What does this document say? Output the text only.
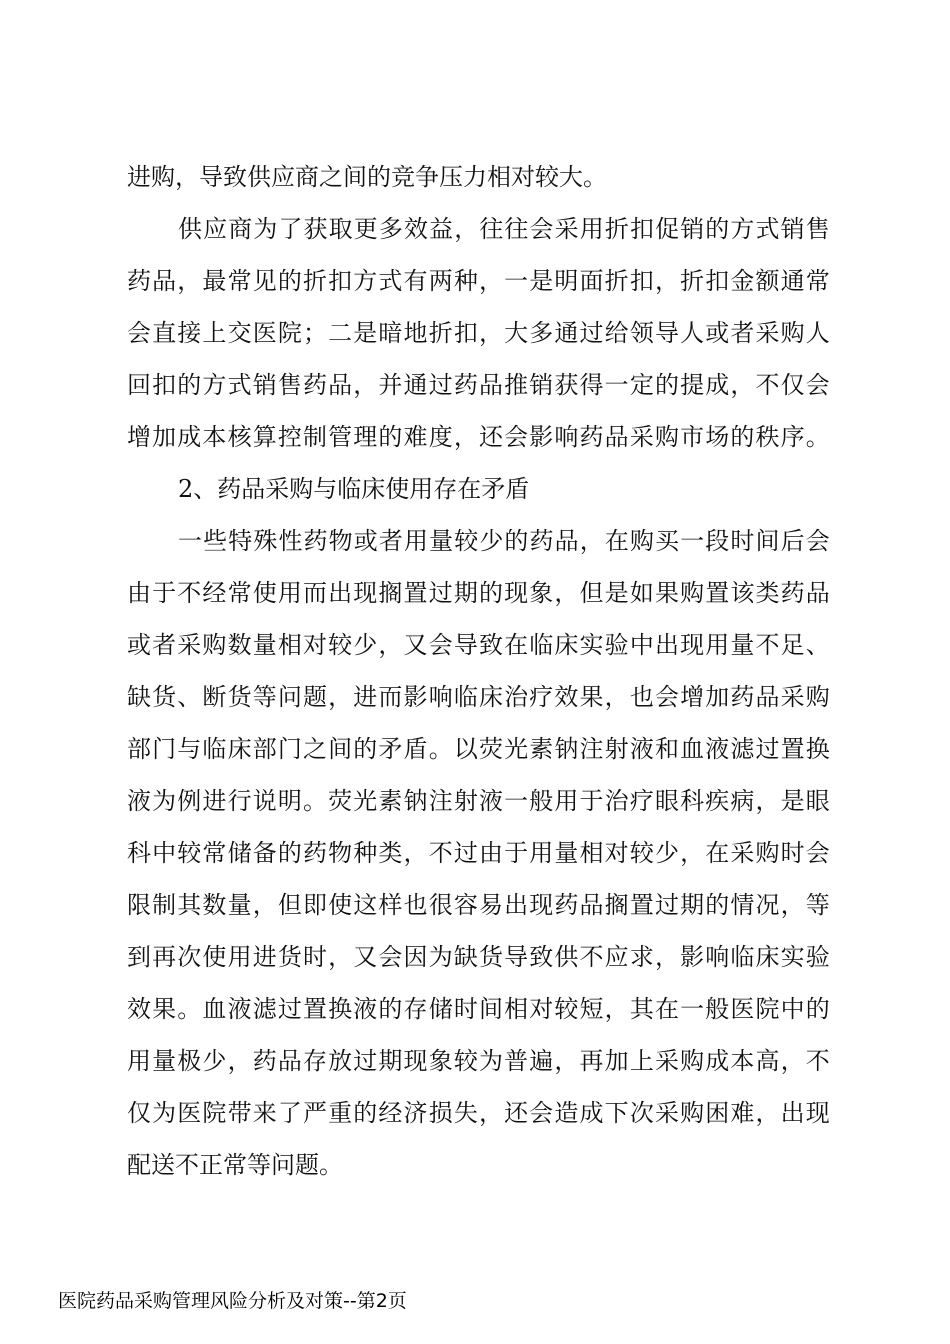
进购，导致供应商之间的竞争压力相对较大。
供 应 商 为 了 获 取 更 多 效 益 ， 往 往 会 采 用 折 扣 促 销 的 方 式 销 售
药 品 ， 最 常 见 的 折 扣 方 式 有 两 种 ， 一 是 明 面 折 扣 ， 折 扣 金 额 通 常
会 直 接 上 交 医 院 ； 二 是 暗 地 折 扣 ， 大 多 通 过 给 领 导 人 或 者 采 购 人
回 扣 的 方 式 销 售 药 品 ， 并 通 过 药 品 推 销 获 得 一 定 的 提 成 ， 不 仅 会
增 加 成 本 核 算 控 制 管 理 的 难 度 ， 还 会 影 响 药 品 采 购 市 场 的 秩 序 。
2、药品采购与临床使用存在矛盾
一 些 特 殊 性 药 物 或 者 用 量 较 少 的 药 品 ， 在 购 买 一 段 时 间 后 会
由 于 不 经 常 使 用 而 出 现 搁 置 过 期 的 现 象 ， 但 是 如 果 购 置 该 类 药 品
或 者 采 购 数 量 相 对 较 少 ， 又 会 导 致 在 临 床 实 验 中 出 现 用 量 不 足 、
缺 货 、 断 货 等 问 题 ， 进 而 影 响 临 床 治 疗 效 果 ， 也 会 增 加 药 品 采 购
部 门 与 临 床 部 门 之 间 的 矛 盾 。 以 荧 光 素 钠 注 射 液 和 血 液 滤 过 置 换
液 为 例 进 行 说 明 。 荧 光 素 钠 注 射 液 一 般 用 于 治 疗 眼 科 疾 病 ， 是 眼
科 中 较 常 储 备 的 药 物 种 类 ， 不 过 由 于 用 量 相 对 较 少 ， 在 采 购 时 会
限 制 其 数 量 ， 但 即 使 这 样 也 很 容 易 出 现 药 品 搁 置 过 期 的 情 况 ， 等
到 再 次 使 用 进 货 时 ， 又 会 因 为 缺 货 导 致 供 不 应 求 ， 影 响 临 床 实 验
效 果 。 血 液 滤 过 置 换 液 的 存 储 时 间 相 对 较 短 ， 其 在 一 般 医 院 中 的
用 量 极 少 ， 药 品 存 放 过 期 现 象 较 为 普 遍 ， 再 加 上 采 购 成 本 高 ， 不
仅 为 医 院 带 来 了 严 重 的 经 济 损 失 ， 还 会 造 成 下 次 采 购 困 难 ， 出 现
配送不正常等问题。
医院药品采购管理风险分析及对策--第2页
